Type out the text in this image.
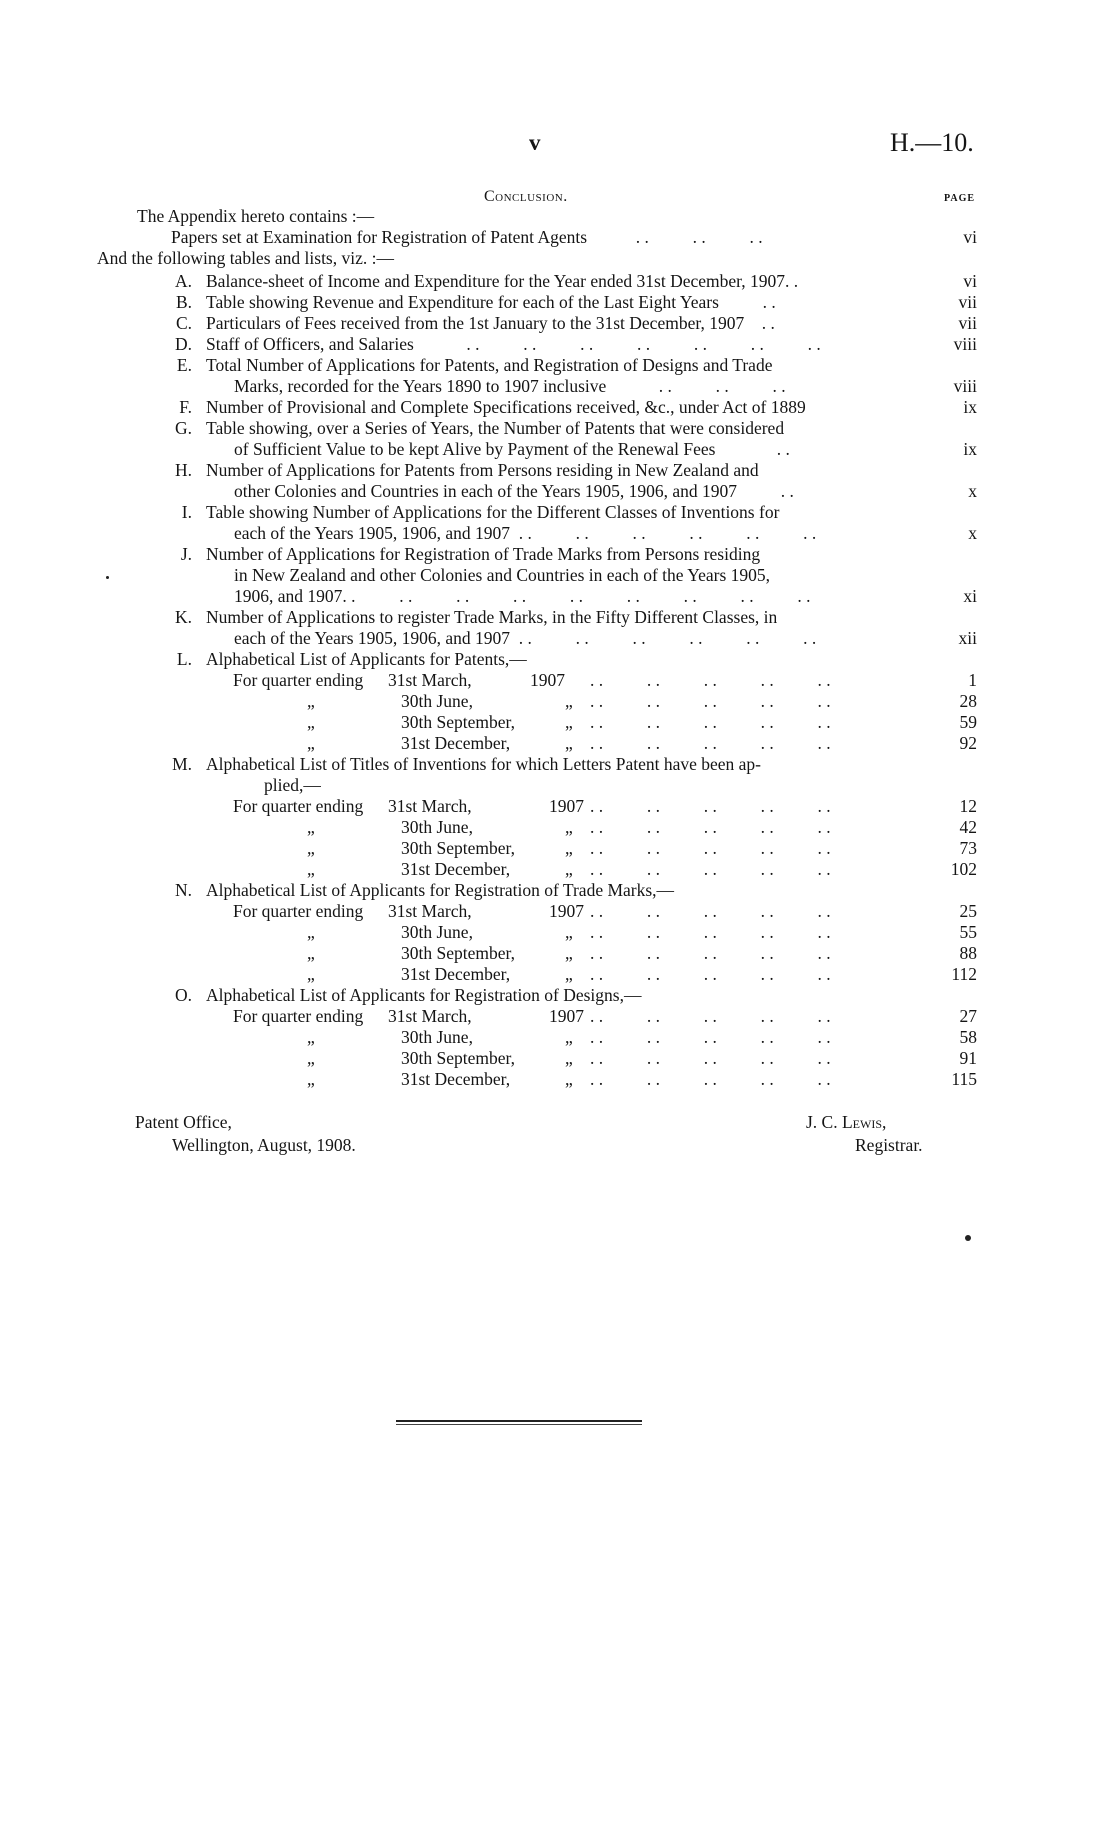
v	H.—10.
Conclusion.	PAGE
The Appendix hereto contains :—
Papers set at Examination for Registration of Patent Agents	. .          . .          . .	vi
And the following tables and lists, viz. :—
A. Balance-sheet of Income and Expenditure for the Year ended 31st December, 1907. .	vi
B. Table showing Revenue and Expenditure for each of the Last Eight Years          . .	vii
C. Particulars of Fees received from the 1st January to the 31st December, 1907    . .	vii
D. Staff of Officers, and Salaries            . .          . .          . .          . .          . .          . .          . .	viii
E. Total Number of Applications for Patents, and Registration of Designs and Trade
Marks, recorded for the Years 1890 to 1907 inclusive            . .          . .          . .	viii
F. Number of Provisional and Complete Specifications received, &c., under Act of 1889	ix
G. Table showing, over a Series of Years, the Number of Patents that were considered
of Sufficient Value to be kept Alive by Payment of the Renewal Fees              . .	ix
H. Number of Applications for Patents from Persons residing in New Zealand and
other Colonies and Countries in each of the Years 1905, 1906, and 1907          . .	x
I. Table showing Number of Applications for the Different Classes of Inventions for
each of the Years 1905, 1906, and 1907  . .          . .          . .          . .          . .          . .	x
J. Number of Applications for Registration of Trade Marks from Persons residing
in New Zealand and other Colonies and Countries in each of the Years 1905,
1906, and 1907. .          . .          . .          . .          . .          . .          . .          . .          . .	xi
K. Number of Applications to register Trade Marks, in the Fifty Different Classes, in
each of the Years 1905, 1906, and 1907  . .          . .          . .          . .          . .          . .	xii
L. Alphabetical List of Applicants for Patents,—
For quarter ending 31st March,	1907 . .          . .          . .          . .          . .	1
„	30th June,	„ . .          . .          . .          . .          . .	28
„	30th September,	„ . .          . .          . .          . .          . .	59
„	31st December,	„ . .          . .          . .          . .          . .	92
M. Alphabetical List of Titles of Inventions for which Letters Patent have been ap-
plied,—
For quarter ending 31st March,	1907 . .          . .          . .          . .          . .	12
„	30th June,	„ . .          . .          . .          . .          . .	42
„	30th September,	„ . .          . .          . .          . .          . .	73
„	31st December,	„ . .          . .          . .          . .          . .	102
N. Alphabetical List of Applicants for Registration of Trade Marks,—
For quarter ending 31st March,	1907 . .          . .          . .          . .          . .	25
„	30th June,	„ . .          . .          . .          . .          . .	55
„	30th September,	„ . .          . .          . .          . .          . .	88
„	31st December,	„ . .          . .          . .          . .          . .	112
O. Alphabetical List of Applicants for Registration of Designs,—
For quarter ending 31st March,	1907 . .          . .          . .          . .          . .	27
„	30th June,	„ . .          . .          . .          . .          . .	58
„	30th September,	„ . .          . .          . .          . .          . .	91
„	31st December,	„ . .          . .          . .          . .          . .	115
Patent Office,
Wellington, August, 1908.
J. C. Lewis,
Registrar.
